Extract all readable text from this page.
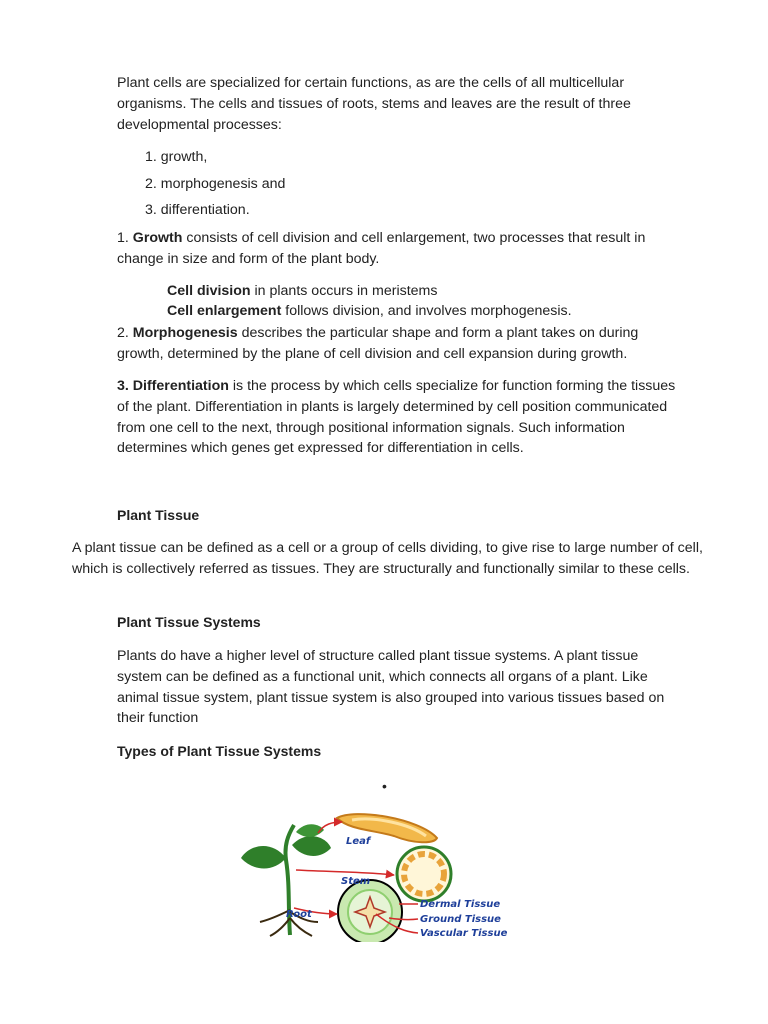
Plant cells are specialized for certain functions, as are the cells of all multicellular organisms. The cells and tissues of roots, stems and leaves are the result of three developmental processes:

1. growth,
2. morphogenesis and
3. differentiation.

1. Growth consists of cell division and cell enlargement, two processes that result in change in size and form of the plant body.

Cell division in plants occurs in meristems
Cell enlargement follows division, and involves morphogenesis.

2. Morphogenesis describes the particular shape and form a plant takes on during growth, determined by the plane of cell division and cell expansion during growth.

3. Differentiation is the process by which cells specialize for function forming the tissues of the plant. Differentiation in plants is largely determined by cell position communicated from one cell to the next, through positional information signals. Such information determines which genes get expressed for differentiation in cells.

Plant Tissue

A plant tissue can be defined as a cell or a group of cells dividing, to give rise to large number of cell, which is collectively referred as tissues. They are structurally and functionally similar to these cells.

Plant Tissue Systems

Plants do have a higher level of structure called plant tissue systems. A plant tissue system can be defined as a functional unit, which connects all organs of a plant. Like animal tissue system, plant tissue system is also grouped into various tissues based on their function

Types of Plant Tissue Systems
•
Leaf
Stem
Root
Dermal Tissue
Ground Tissue
Vascular Tissue
